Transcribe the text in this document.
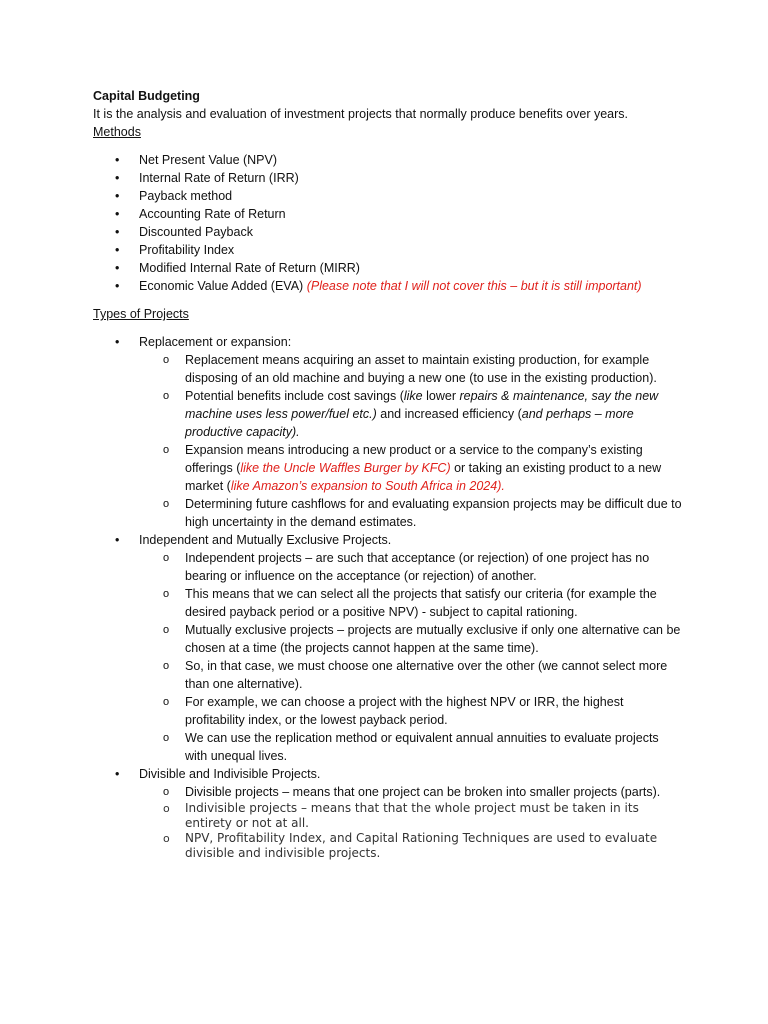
Capital Budgeting
It is the analysis and evaluation of investment projects that normally produce benefits over years.
Methods
• Net Present Value (NPV)
• Internal Rate of Return (IRR)
• Payback method
• Accounting Rate of Return
• Discounted Payback
• Profitability Index
• Modified Internal Rate of Return (MIRR)
• Economic Value Added (EVA) (Please note that I will not cover this – but it is still important)
Types of Projects
• Replacement or expansion:
o Replacement means acquiring an asset to maintain existing production, for example disposing of an old machine and buying a new one (to use in the existing production).
o Potential benefits include cost savings (like lower repairs & maintenance, say the new machine uses less power/fuel etc.) and increased efficiency (and perhaps – more productive capacity).
o Expansion means introducing a new product or a service to the company’s existing offerings (like the Uncle Waffles Burger by KFC) or taking an existing product to a new market (like Amazon’s expansion to South Africa in 2024).
o Determining future cashflows for and evaluating expansion projects may be difficult due to high uncertainty in the demand estimates.
• Independent and Mutually Exclusive Projects.
o Independent projects – are such that acceptance (or rejection) of one project has no bearing or influence on the acceptance (or rejection) of another.
o This means that we can select all the projects that satisfy our criteria (for example the desired payback period or a positive NPV) - subject to capital rationing.
o Mutually exclusive projects – projects are mutually exclusive if only one alternative can be chosen at a time (the projects cannot happen at the same time).
o So, in that case, we must choose one alternative over the other (we cannot select more than one alternative).
o For example, we can choose a project with the highest NPV or IRR, the highest profitability index, or the lowest payback period.
o We can use the replication method or equivalent annual annuities to evaluate projects with unequal lives.
• Divisible and Indivisible Projects.
o Divisible projects – means that one project can be broken into smaller projects (parts).
o Indivisible projects – means that that the whole project must be taken in its entirety or not at all.
o NPV, Profitability Index, and Capital Rationing Techniques are used to evaluate divisible and indivisible projects.
